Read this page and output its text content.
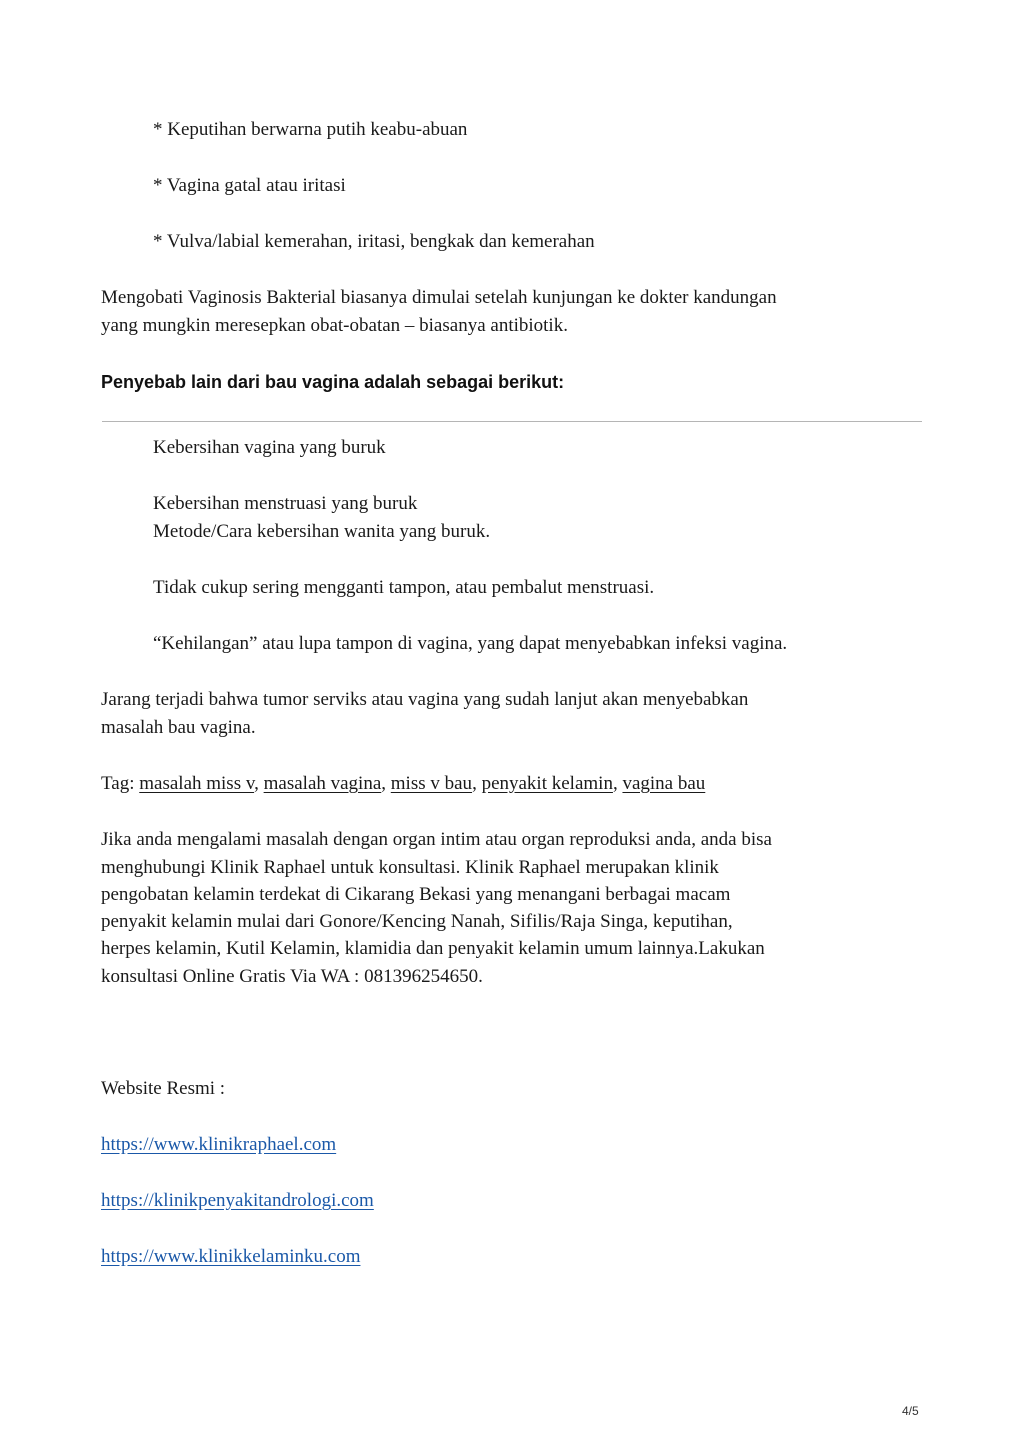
* Keputihan berwarna putih keabu-abuan
* Vagina gatal atau iritasi
* Vulva/labial kemerahan, iritasi, bengkak dan kemerahan
Mengobati Vaginosis Bakterial biasanya dimulai setelah kunjungan ke dokter kandungan
yang mungkin meresepkan obat-obatan – biasanya antibiotik.
Penyebab lain dari bau vagina adalah sebagai berikut:
Kebersihan vagina yang buruk
Kebersihan menstruasi yang buruk
Metode/Cara kebersihan wanita yang buruk.
Tidak cukup sering mengganti tampon, atau pembalut menstruasi.
“Kehilangan” atau lupa tampon di vagina, yang dapat menyebabkan infeksi vagina.
Jarang terjadi bahwa tumor serviks atau vagina yang sudah lanjut akan menyebabkan
masalah bau vagina.
Tag: masalah miss v, masalah vagina, miss v bau, penyakit kelamin, vagina bau
Jika anda mengalami masalah dengan organ intim atau organ reproduksi anda, anda bisa
menghubungi Klinik Raphael untuk konsultasi. Klinik Raphael merupakan klinik
pengobatan kelamin terdekat di Cikarang Bekasi yang menangani berbagai macam
penyakit kelamin mulai dari Gonore/Kencing Nanah, Sifilis/Raja Singa, keputihan,
herpes kelamin, Kutil Kelamin, klamidia dan penyakit kelamin umum lainnya.Lakukan
konsultasi Online Gratis Via WA : 081396254650.
Website Resmi :
https://www.klinikraphael.com
https://klinikpenyakitandrologi.com
https://www.klinikkelaminku.com
4/5
